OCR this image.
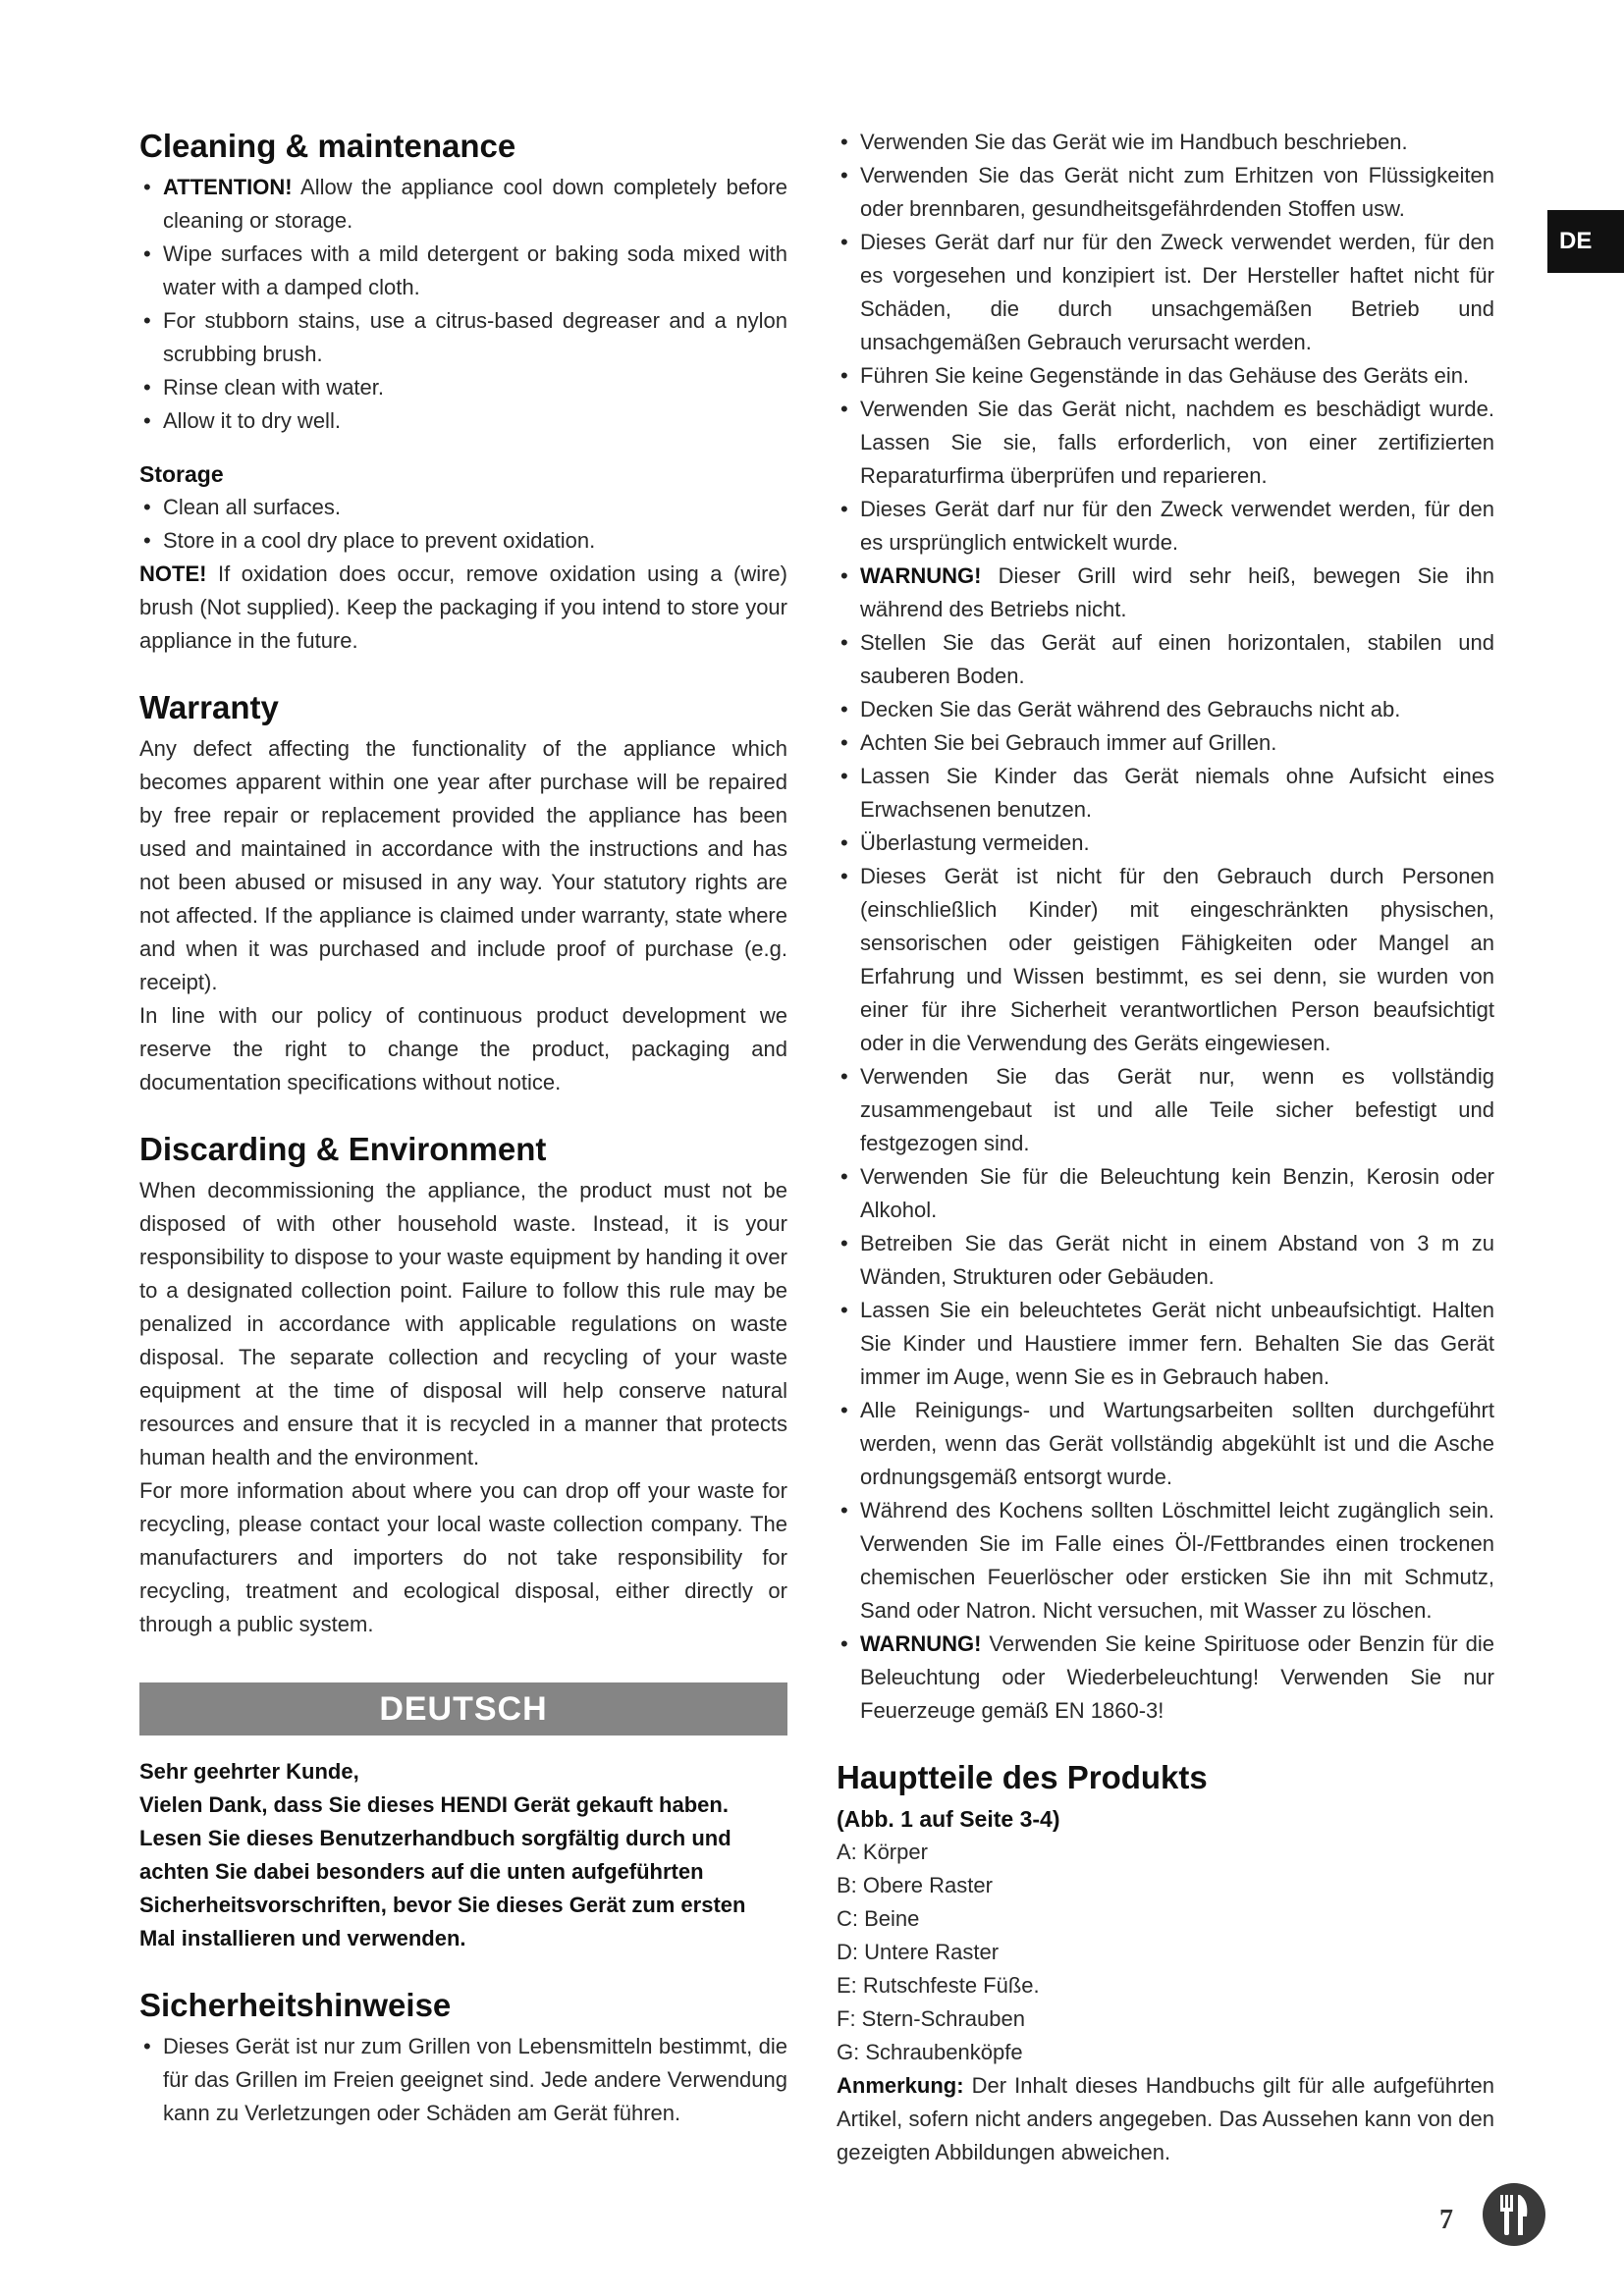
Cleaning & maintenance
• ATTENTION! Allow the appliance cool down completely before cleaning or storage.
• Wipe surfaces with a mild detergent or baking soda mixed with water with a damped cloth.
• For stubborn stains, use a citrus-based degreaser and a nylon scrubbing brush.
• Rinse clean with water.
• Allow it to dry well.
Storage
• Clean all surfaces.
• Store in a cool dry place to prevent oxidation.

NOTE! If oxidation does occur, remove oxidation using a (wire) brush (Not supplied). Keep the packaging if you intend to store your appliance in the future.

Warranty

Any defect affecting the functionality of the appliance which becomes apparent within one year after purchase will be repaired by free repair or replacement provided the appliance has been used and maintained in accordance with the instructions and has not been abused or misused in any way. Your statutory rights are not affected. If the appliance is claimed under warranty, state where and when it was purchased and include proof of purchase (e.g. receipt).

In line with our policy of continuous product development we reserve the right to change the product, packaging and documentation specifications without notice.

Discarding & Environment

When decommissioning the appliance, the product must not be disposed of with other household waste. Instead, it is your responsibility to dispose to your waste equipment by handing it over to a designated collection point. Failure to follow this rule may be penalized in accordance with applicable regulations on waste disposal. The separate collection and recycling of your waste equipment at the time of disposal will help conserve natural resources and ensure that it is recycled in a manner that protects human health and the environment.

For more information about where you can drop off your waste for recycling, please contact your local waste collection company. The manufacturers and importers do not take responsibility for recycling, treatment and ecological disposal, either directly or through a public system.

DEUTSCH

Sehr geehrter Kunde,

Vielen Dank, dass Sie dieses HENDI Gerät gekauft haben. Lesen Sie dieses Benutzerhandbuch sorgfältig durch und achten Sie dabei besonders auf die unten aufgeführten Sicherheitsvorschriften, bevor Sie dieses Gerät zum ersten Mal installieren und verwenden.

Sicherheitshinweise
• Dieses Gerät ist nur zum Grillen von Lebensmitteln bestimmt, die für das Grillen im Freien geeignet sind. Jede andere Verwendung kann zu Verletzungen oder Schäden am Gerät führen.
• Verwenden Sie das Gerät wie im Handbuch beschrieben.
• Verwenden Sie das Gerät nicht zum Erhitzen von Flüssigkeiten oder brennbaren, gesundheitsgefährdenden Stoffen usw.
• Dieses Gerät darf nur für den Zweck verwendet werden, für den es vorgesehen und konzipiert ist. Der Hersteller haftet nicht für Schäden, die durch unsachgemäßen Betrieb und unsachgemäßen Gebrauch verursacht werden.
• Führen Sie keine Gegenstände in das Gehäuse des Geräts ein.
• Verwenden Sie das Gerät nicht, nachdem es beschädigt wurde. Lassen Sie sie, falls erforderlich, von einer zertifizierten Reparaturfirma überprüfen und reparieren.
• Dieses Gerät darf nur für den Zweck verwendet werden, für den es ursprünglich entwickelt wurde.
• WARNUNG! Dieser Grill wird sehr heiß, bewegen Sie ihn während des Betriebs nicht.
• Stellen Sie das Gerät auf einen horizontalen, stabilen und sauberen Boden.
• Decken Sie das Gerät während des Gebrauchs nicht ab.
• Achten Sie bei Gebrauch immer auf Grillen.
• Lassen Sie Kinder das Gerät niemals ohne Aufsicht eines Erwachsenen benutzen.
• Überlastung vermeiden.
• Dieses Gerät ist nicht für den Gebrauch durch Personen (einschließlich Kinder) mit eingeschränkten physischen, sensorischen oder geistigen Fähigkeiten oder Mangel an Erfahrung und Wissen bestimmt, es sei denn, sie wurden von einer für ihre Sicherheit verantwortlichen Person beaufsichtigt oder in die Verwendung des Geräts eingewiesen.
• Verwenden Sie das Gerät nur, wenn es vollständig zusammengebaut ist und alle Teile sicher befestigt und festgezogen sind.
• Verwenden Sie für die Beleuchtung kein Benzin, Kerosin oder Alkohol.
• Betreiben Sie das Gerät nicht in einem Abstand von 3 m zu Wänden, Strukturen oder Gebäuden.
• Lassen Sie ein beleuchtetes Gerät nicht unbeaufsichtigt. Halten Sie Kinder und Haustiere immer fern. Behalten Sie das Gerät immer im Auge, wenn Sie es in Gebrauch haben.
• Alle Reinigungs- und Wartungsarbeiten sollten durchgeführt werden, wenn das Gerät vollständig abgekühlt ist und die Asche ordnungsgemäß entsorgt wurde.
• Während des Kochens sollten Löschmittel leicht zugänglich sein. Verwenden Sie im Falle eines Öl-/Fettbrandes einen trockenen chemischen Feuerlöscher oder ersticken Sie ihn mit Schmutz, Sand oder Natron. Nicht versuchen, mit Wasser zu löschen.
• WARNUNG! Verwenden Sie keine Spirituose oder Benzin für die Beleuchtung oder Wiederbeleuchtung! Verwenden Sie nur Feuerzeuge gemäß EN 1860-3!
Hauptteile des Produkts
(Abb. 1 auf Seite 3-4)
A: Körper
B: Obere Raster
C: Beine
D: Untere Raster
E: Rutschfeste Füße.
F: Stern-Schrauben
G: Schraubenköpfe

Anmerkung: Der Inhalt dieses Handbuchs gilt für alle aufgeführten Artikel, sofern nicht anders angegeben. Das Aussehen kann von den gezeigten Abbildungen abweichen.

DE
7
